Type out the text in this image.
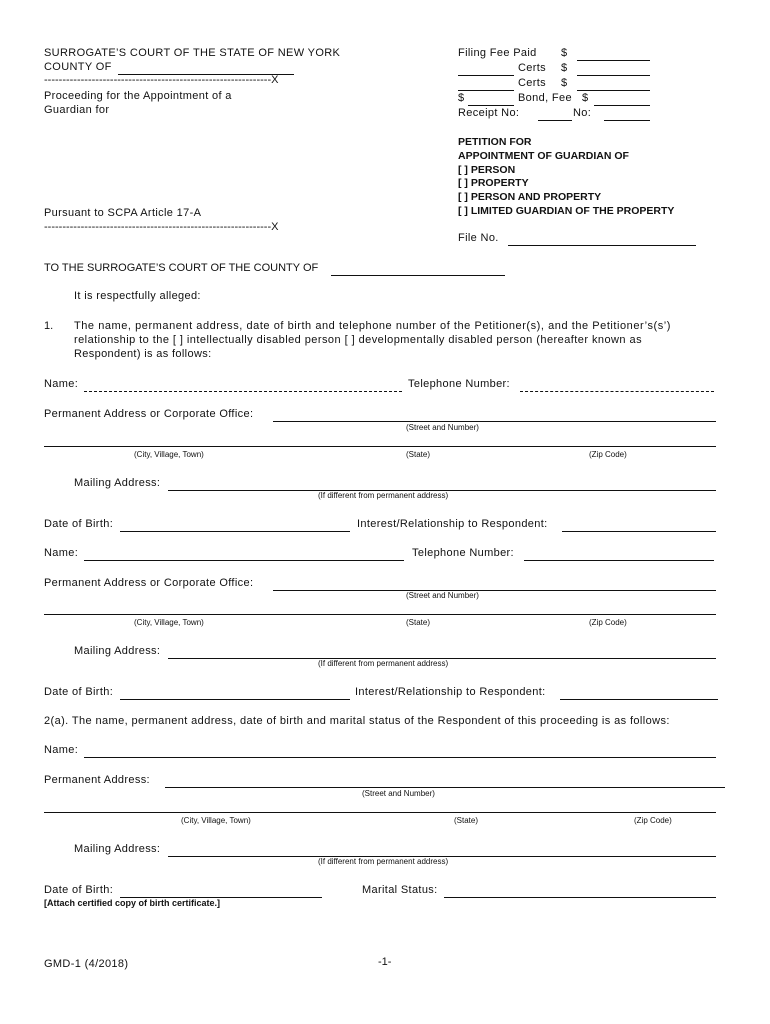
SURROGATE’S COURT OF THE STATE OF NEW YORK
COUNTY OF
--------------------------------------------------------------X
Proceeding for the Appointment of a
Guardian for
Pursuant to SCPA Article 17-A
--------------------------------------------------------------X
Filing Fee Paid $
Certs $
Certs $
$	Bond, Fee $
Receipt No:	No:
PETITION FOR
APPOINTMENT OF GUARDIAN OF
[ ] PERSON
[ ] PROPERTY
[ ] PERSON AND PROPERTY
[ ] LIMITED GUARDIAN OF THE PROPERTY
File No.
TO THE SURROGATE’S COURT OF THE COUNTY OF
It is respectfully alleged:
1. The name, permanent address, date of birth and telephone number of the Petitioner(s), and the Petitioner’s(s’)
relationship to the [ ] intellectually disabled person [ ] developmentally disabled person (hereafter known as
Respondent) is as follows:
Name:	Telephone Number:
Permanent Address or Corporate Office:
(Street and Number)
(City, Village, Town)	(State)	(Zip Code)
Mailing Address:
(If different from permanent address)
Date of Birth:	Interest/Relationship to Respondent:
Name:	Telephone Number:
Permanent Address or Corporate Office:
(Street and Number)
(City, Village, Town)	(State)	(Zip Code)
Mailing Address:
(If different from permanent address)
Date of Birth:	Interest/Relationship to Respondent:
2(a). The name, permanent address, date of birth and marital status of the Respondent of this proceeding is as follows:
Name:
Permanent Address:
(Street and Number)
(City, Village, Town)	(State)	(Zip Code)
Mailing Address:
(If different from permanent address)
Date of Birth:	Marital Status:
[Attach certified copy of birth certificate.]
GMD-1 (4/2018)	-1-
